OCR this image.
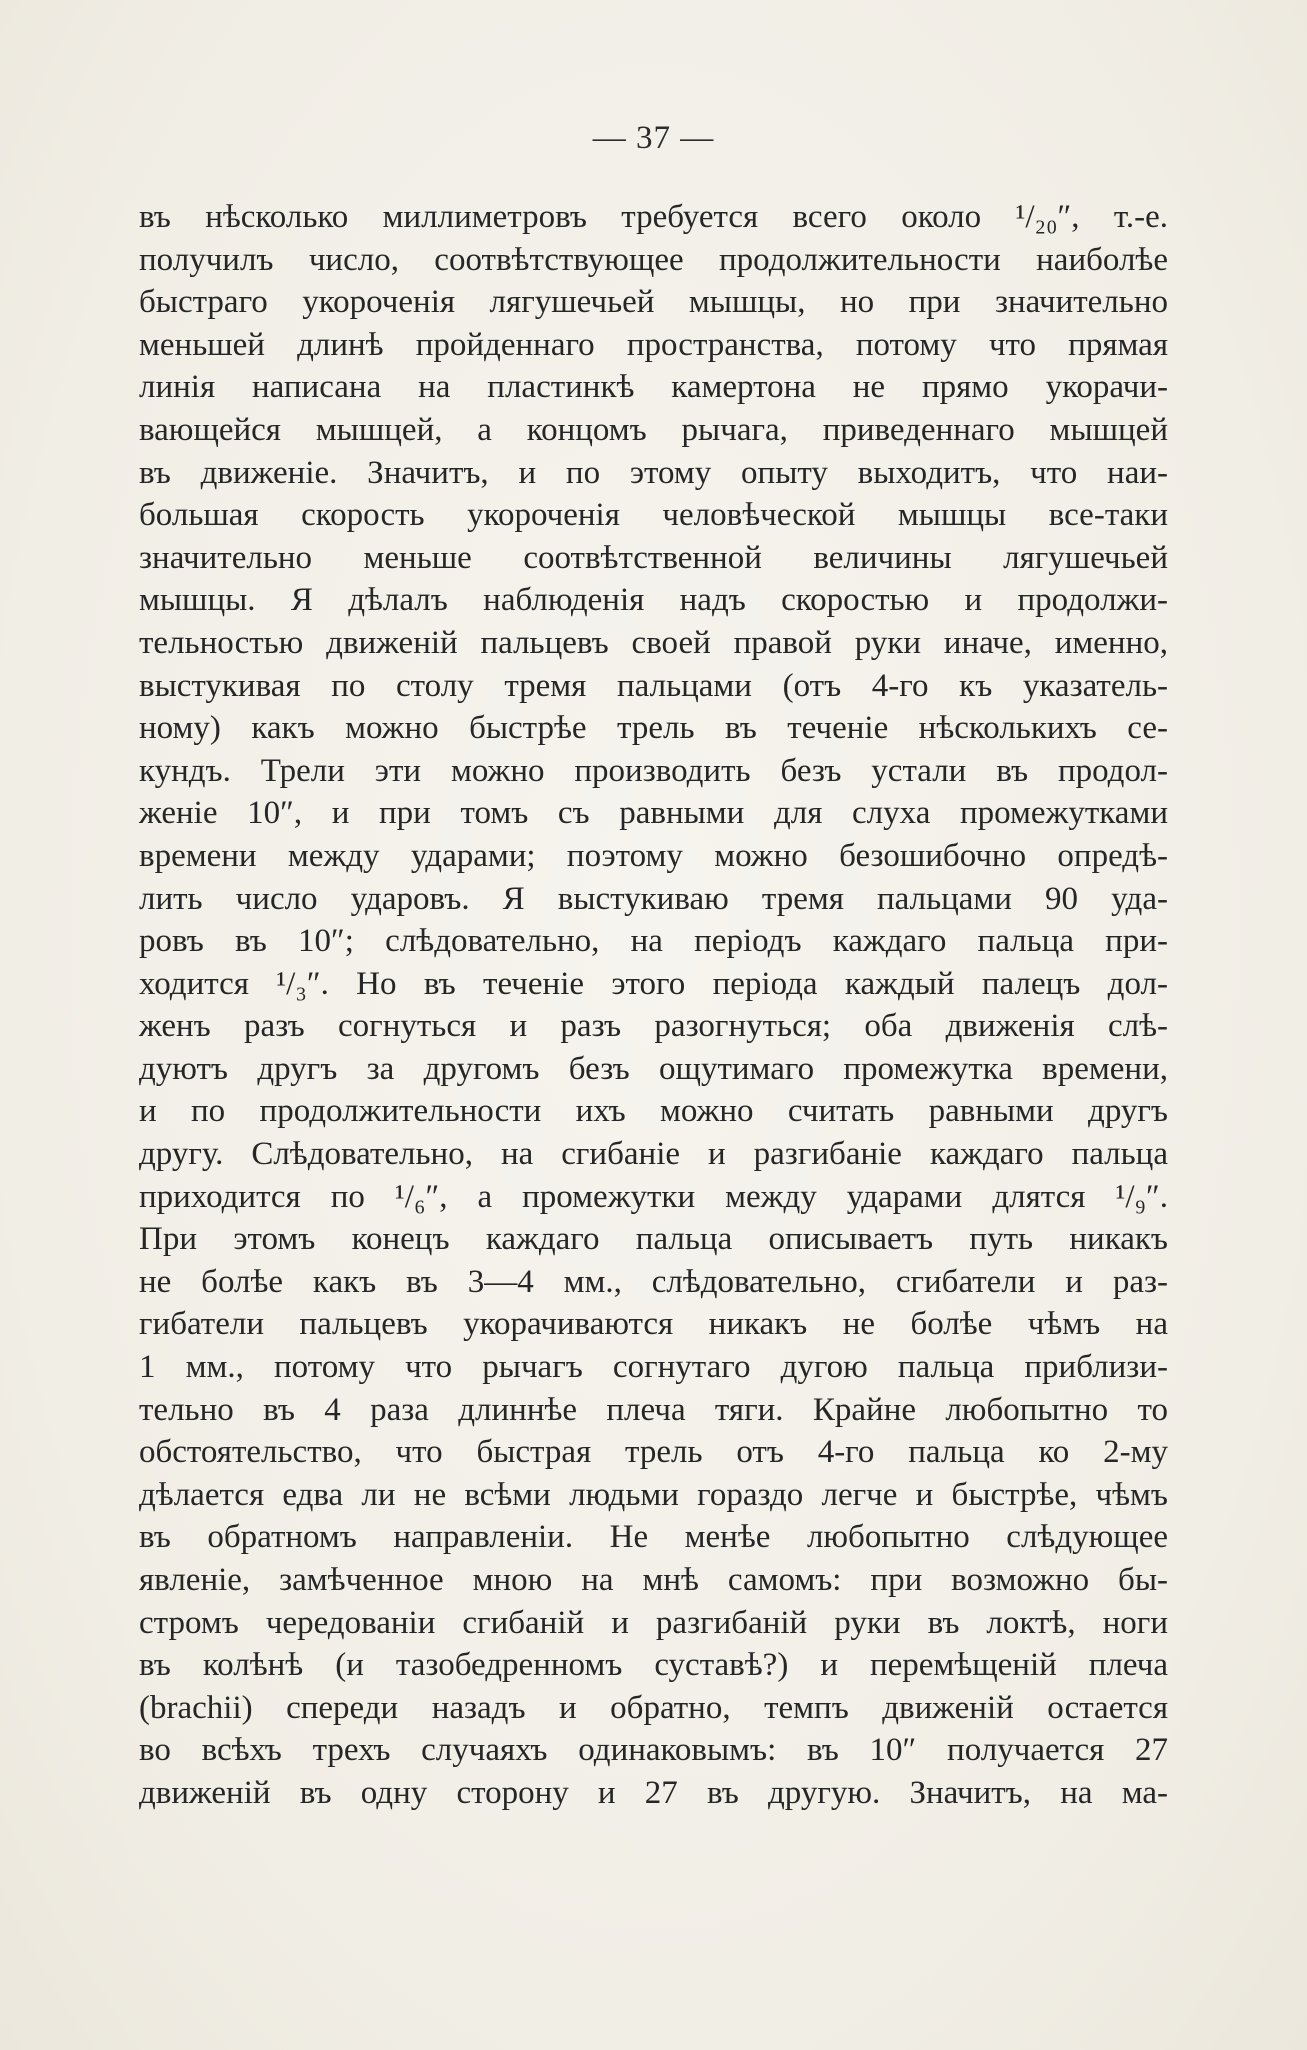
— 37 —
въ нѣсколько миллиметровъ требуется всего около ¹/₂₀″, т.-е.
получилъ число, соотвѣтствующее продолжительности наиболѣе
быстраго укороченія лягушечьей мышцы, но при значительно
меньшей длинѣ пройденнаго пространства, потому что прямая
линія написана на пластинкѣ камертона не прямо укорачи-
вающейся мышцей, а концомъ рычага, приведеннаго мышцей
въ движеніе. Значитъ, и по этому опыту выходитъ, что наи-
большая скорость укороченія человѣческой мышцы все-таки
значительно меньше соотвѣтственной величины лягушечьей
мышцы. Я дѣлалъ наблюденія надъ скоростью и продолжи-
тельностью движеній пальцевъ своей правой руки иначе, именно,
выстукивая по столу тремя пальцами (отъ 4-го къ указатель-
ному) какъ можно быстрѣе трель въ теченіе нѣсколькихъ се-
кундъ. Трели эти можно производить безъ устали въ продол-
женіе 10″, и при томъ съ равными для слуха промежутками
времени между ударами; поэтому можно безошибочно опредѣ-
лить число ударовъ. Я выстукиваю тремя пальцами 90 уда-
ровъ въ 10″; слѣдовательно, на періодъ каждаго пальца при-
ходится ¹/₃″. Но въ теченіе этого періода каждый палецъ дол-
женъ разъ согнуться и разъ разогнуться; оба движенія слѣ-
дуютъ другъ за другомъ безъ ощутимаго промежутка времени,
и по продолжительности ихъ можно считать равными другъ
другу. Слѣдовательно, на сгибаніе и разгибаніе каждаго пальца
приходится по ¹/₆″, а промежутки между ударами длятся ¹/₉″.
При этомъ конецъ каждаго пальца описываетъ путь никакъ
не болѣе какъ въ 3—4 мм., слѣдовательно, сгибатели и раз-
гибатели пальцевъ укорачиваются никакъ не болѣе чѣмъ на
1 мм., потому что рычагъ согнутаго дугою пальца приблизи-
тельно въ 4 раза длиннѣе плеча тяги. Крайне любопытно то
обстоятельство, что быстрая трель отъ 4-го пальца ко 2-му
дѣлается едва ли не всѣми людьми гораздо легче и быстрѣе, чѣмъ
въ обратномъ направленіи. Не менѣе любопытно слѣдующее
явленіе, замѣченное мною на мнѣ самомъ: при возможно бы-
стромъ чередованіи сгибаній и разгибаній руки въ локтѣ, ноги
въ колѣнѣ (и тазобедренномъ суставѣ?) и перемѣщеній плеча
(brachii) спереди назадъ и обратно, темпъ движеній остается
во всѣхъ трехъ случаяхъ одинаковымъ: въ 10″ получается 27
движеній въ одну сторону и 27 въ другую. Значитъ, на ма-
